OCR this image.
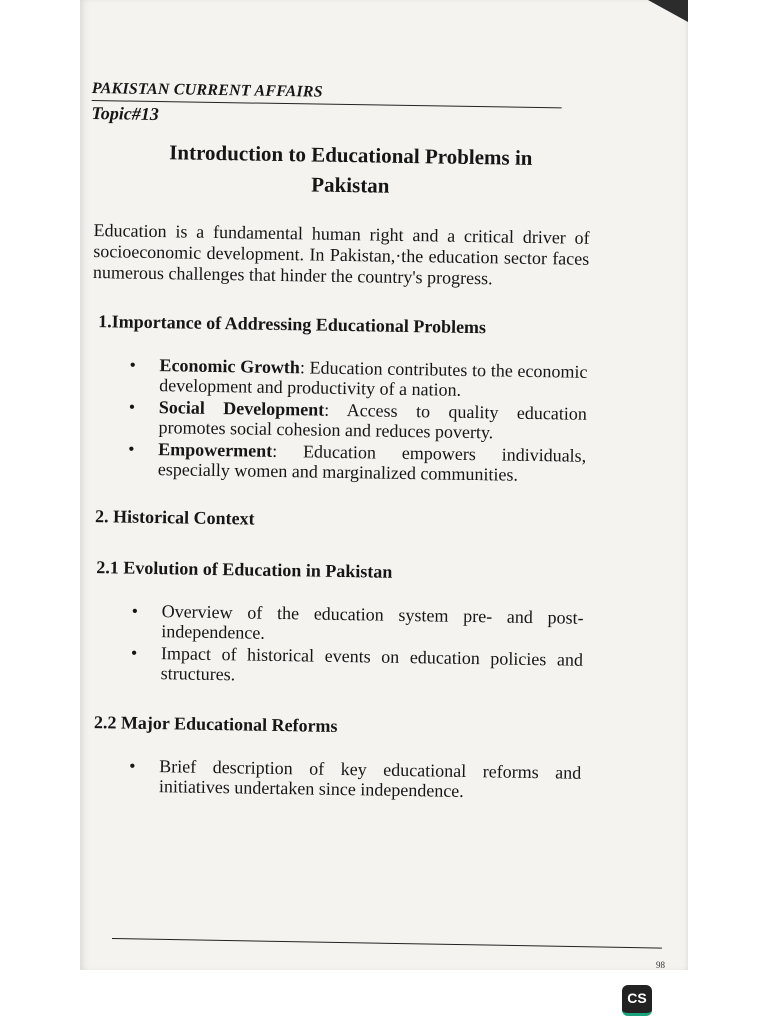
PAKISTAN CURRENT AFFAIRS
Topic#13
Introduction to Educational Problems in Pakistan

Education is a fundamental human right and a critical driver of socioeconomic development. In Pakistan,·the education sector faces numerous challenges that hinder the country's progress.

1.Importance of Addressing Educational Problems
• Economic Growth: Education contributes to the economic development and productivity of a nation.
• Social Development: Access to quality education promotes social cohesion and reduces poverty.
• Empowerment: Education empowers individuals, especially women and marginalized communities.
2. Historical Context
2.1 Evolution of Education in Pakistan
• Overview of the education system pre- and post-independence.
• Impact of historical events on education policies and structures.
2.2 Major Educational Reforms
• Brief description of key educational reforms and initiatives undertaken since independence.
98
CS
